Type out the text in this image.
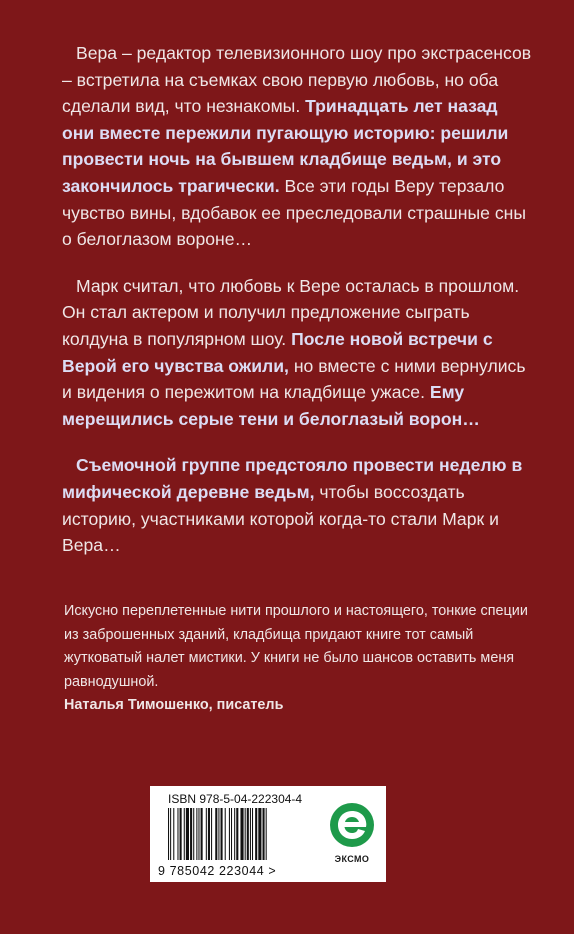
Вера – редактор телевизионного шоу про экстрасенсов – встретила на съемках свою первую любовь, но оба сделали вид, что незнакомы. Тринадцать лет назад они вместе пережили пугающую историю: решили провести ночь на бывшем кладбище ведьм, и это закончилось трагически. Все эти годы Веру терзало чувство вины, вдобавок ее преследовали страшные сны о белоглазом вороне…

Марк считал, что любовь к Вере осталась в прошлом. Он стал актером и получил предложение сыграть колдуна в популярном шоу. После новой встречи с Верой его чувства ожили, но вместе с ними вернулись и видения о пережитом на кладбище ужасе. Ему мерещились серые тени и белоглазый ворон…

Съемочной группе предстояло провести неделю в мифической деревне ведьм, чтобы воссоздать историю, участниками которой когда-то стали Марк и Вера…

Искусно переплетенные нити прошлого и настоящего, тонкие специи из заброшенных зданий, кладбища придают книге тот самый жутковатый налет мистики. У книги не было шансов оставить меня равнодушной.
Наталья Тимошенко, писатель
ISBN 978-5-04-222304-4
9 785042 223044 >
ЭКСМО
